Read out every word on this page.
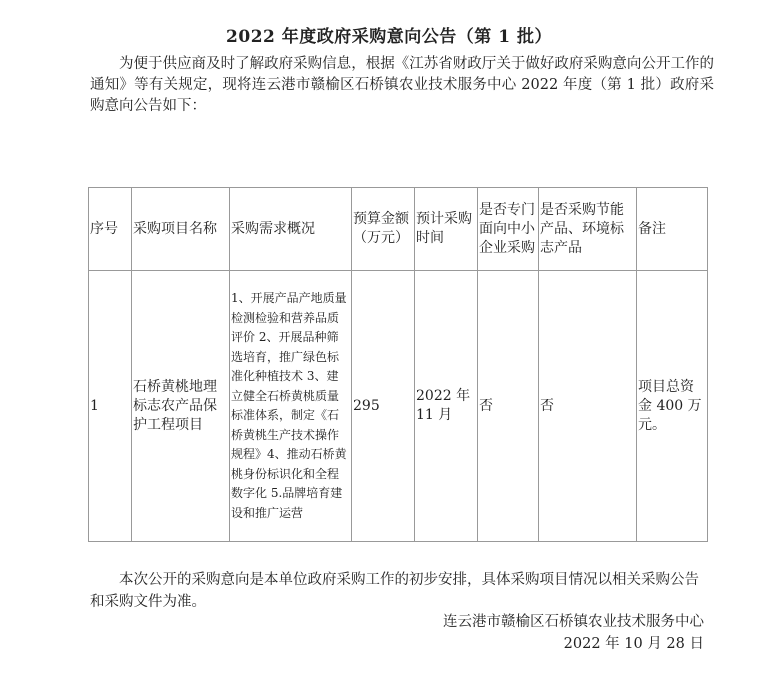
2022 年度政府采购意向公告（第 1 批）

为便于供应商及时了解政府采购信息，根据《江苏省财政厅关于做好政府采购意向公开工作的通知》等有关规定，现将连云港市赣榆区石桥镇农业技术服务中心 2022 年度（第 1 批）政府采购意向公告如下：

序号	采购项目名称	采购需求概况	预算金额（万元）	预计采购时间	是否专门面向中小企业采购	是否采购节能产品、环境标志产品	备注
1	石桥黄桃地理标志农产品保护工程项目	1、开展产品产地质量检测检验和营养品质评价 2、开展品种筛选培育，推广绿色标准化种植技术 3、建立健全石桥黄桃质量标准体系，制定《石桥黄桃生产技术操作规程》4、推动石桥黄桃身份标识化和全程数字化 5.品牌培育建设和推广运营	295	2022 年 11 月	否	否	项目总资金 400 万元。

本次公开的采购意向是本单位政府采购工作的初步安排，具体采购项目情况以相关采购公告和采购文件为准。

连云港市赣榆区石桥镇农业技术服务中心
2022 年 10 月 28 日
